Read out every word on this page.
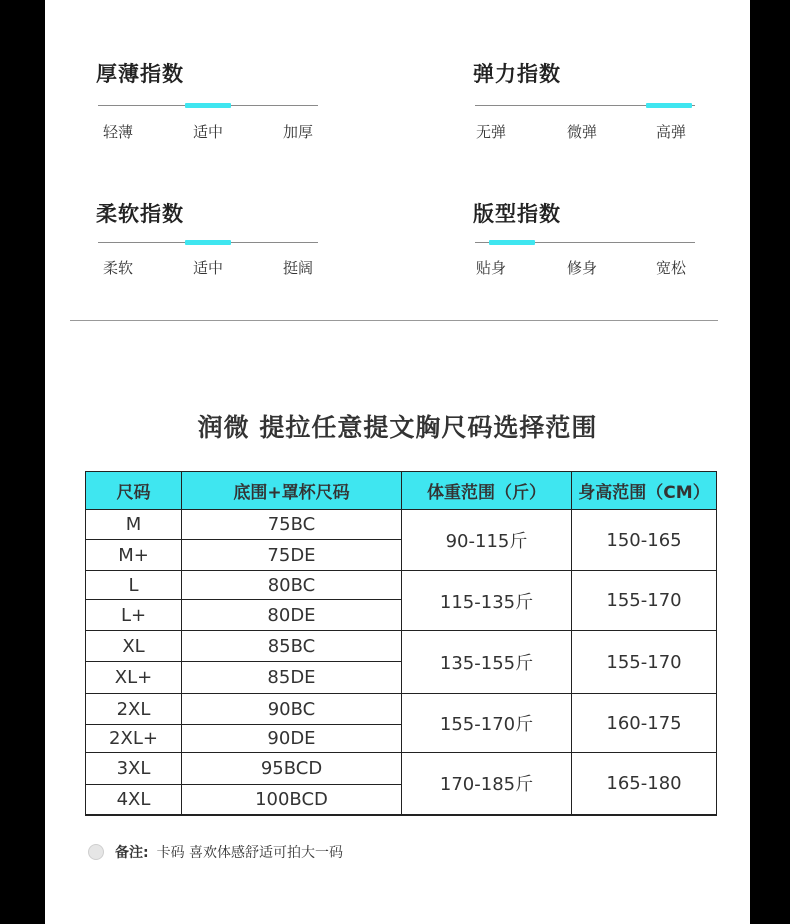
厚薄指数
轻薄	适中	加厚
弹力指数
无弹	微弹	高弹
柔软指数
柔软	适中	挺阔
版型指数
贴身	修身	宽松
润微 提拉任意提文胸尺码选择范围
尺码	底围+罩杯尺码	体重范围（斤）	身高范围（CM）
M	75BC	90-115斤	150-165
M+	75DE		
L	80BC	115-135斤	155-170
L+	80DE		
XL	85BC	135-155斤	155-170
XL+	85DE		
2XL	90BC	155-170斤	160-175
2XL+	90DE		
3XL	95BCD	170-185斤	165-180
4XL	100BCD		
备注: 卡码 喜欢体感舒适可拍大一码
